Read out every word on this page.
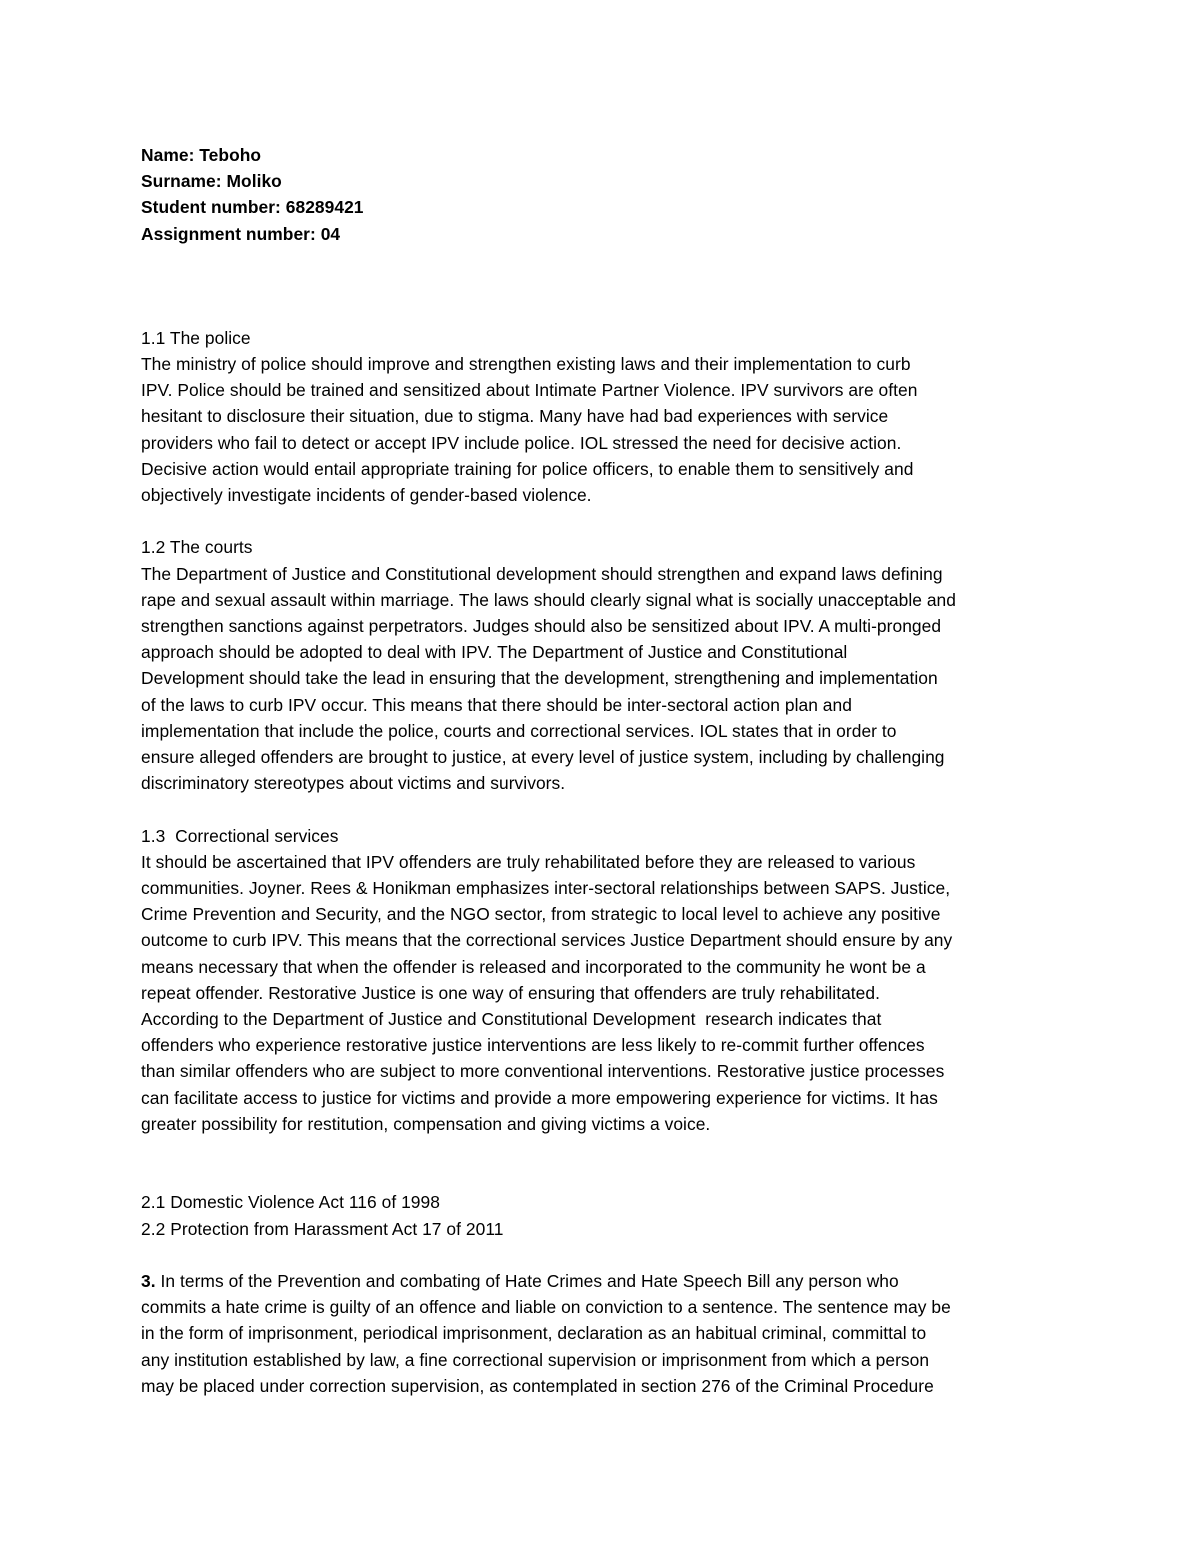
Name: Teboho
Surname: Moliko
Student number: 68289421
Assignment number: 04
1.1 The police

The ministry of police should improve and strengthen existing laws and their implementation to curb
IPV. Police should be trained and sensitized about Intimate Partner Violence. IPV survivors are often
hesitant to disclosure their situation, due to stigma. Many have had bad experiences with service
providers who fail to detect or accept IPV include police. IOL stressed the need for decisive action.
Decisive action would entail appropriate training for police officers, to enable them to sensitively and
objectively investigate incidents of gender-based violence.

1.2 The courts

The Department of Justice and Constitutional development should strengthen and expand laws defining
rape and sexual assault within marriage. The laws should clearly signal what is socially unacceptable and
strengthen sanctions against perpetrators. Judges should also be sensitized about IPV. A multi-pronged
approach should be adopted to deal with IPV. The Department of Justice and Constitutional
Development should take the lead in ensuring that the development, strengthening and implementation
of the laws to curb IPV occur. This means that there should be inter-sectoral action plan and
implementation that include the police, courts and correctional services. IOL states that in order to
ensure alleged offenders are brought to justice, at every level of justice system, including by challenging
discriminatory stereotypes about victims and survivors.

1.3  Correctional services

It should be ascertained that IPV offenders are truly rehabilitated before they are released to various
communities. Joyner. Rees & Honikman emphasizes inter-sectoral relationships between SAPS. Justice,
Crime Prevention and Security, and the NGO sector, from strategic to local level to achieve any positive
outcome to curb IPV. This means that the correctional services Justice Department should ensure by any
means necessary that when the offender is released and incorporated to the community he wont be a
repeat offender. Restorative Justice is one way of ensuring that offenders are truly rehabilitated.
According to the Department of Justice and Constitutional Development  research indicates that
offenders who experience restorative justice interventions are less likely to re-commit further offences
than similar offenders who are subject to more conventional interventions. Restorative justice processes
can facilitate access to justice for victims and provide a more empowering experience for victims. It has
greater possibility for restitution, compensation and giving victims a voice.

2.1 Domestic Violence Act 116 of 1998
2.2 Protection from Harassment Act 17 of 2011

3. In terms of the Prevention and combating of Hate Crimes and Hate Speech Bill any person who
commits a hate crime is guilty of an offence and liable on conviction to a sentence. The sentence may be
in the form of imprisonment, periodical imprisonment, declaration as an habitual criminal, committal to
any institution established by law, a fine correctional supervision or imprisonment from which a person
may be placed under correction supervision, as contemplated in section 276 of the Criminal Procedure
